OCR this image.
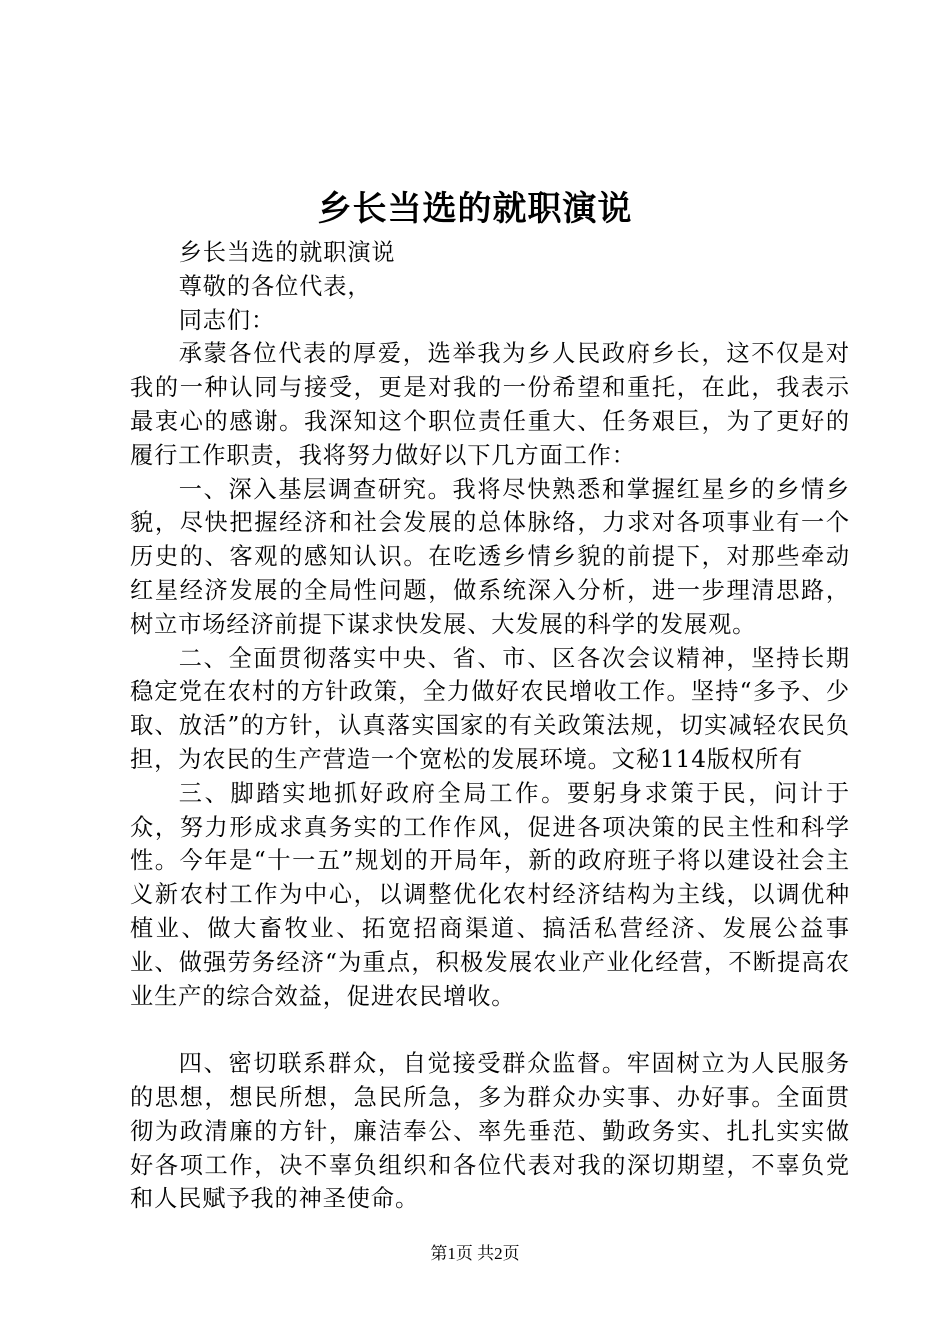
乡长当选的就职演说

乡长当选的就职演说

尊敬的各位代表，

同志们：

承蒙各位代表的厚爱，选举我为乡人民政府乡长，这不仅是对我的一种认同与接受，更是对我的一份希望和重托，在此，我表示最衷心的感谢。我深知这个职位责任重大、任务艰巨，为了更好的履行工作职责，我将努力做好以下几方面工作：

一、深入基层调查研究。我将尽快熟悉和掌握红星乡的乡情乡貌，尽快把握经济和社会发展的总体脉络，力求对各项事业有一个历史的、客观的感知认识。在吃透乡情乡貌的前提下，对那些牵动红星经济发展的全局性问题，做系统深入分析，进一步理清思路，树立市场经济前提下谋求快发展、大发展的科学的发展观。

二、全面贯彻落实中央、省、市、区各次会议精神，坚持长期稳定党在农村的方针政策，全力做好农民增收工作。坚持“多予、少取、放活”的方针，认真落实国家的有关政策法规，切实减轻农民负担，为农民的生产营造一个宽松的发展环境。文秘114版权所有

三、脚踏实地抓好政府全局工作。要躬身求策于民，问计于众，努力形成求真务实的工作作风，促进各项决策的民主性和科学性。今年是“十一五”规划的开局年，新的政府班子将以建设社会主义新农村工作为中心，以调整优化农村经济结构为主线，以调优种植业、做大畜牧业、拓宽招商渠道、搞活私营经济、发展公益事业、做强劳务经济“为重点，积极发展农业产业化经营，不断提高农业生产的综合效益，促进农民增收。

四、密切联系群众，自觉接受群众监督。牢固树立为人民服务的思想，想民所想，急民所急，多为群众办实事、办好事。全面贯彻为政清廉的方针，廉洁奉公、率先垂范、勤政务实、扎扎实实做好各项工作，决不辜负组织和各位代表对我的深切期望，不辜负党和人民赋予我的神圣使命。

第1页 共2页
